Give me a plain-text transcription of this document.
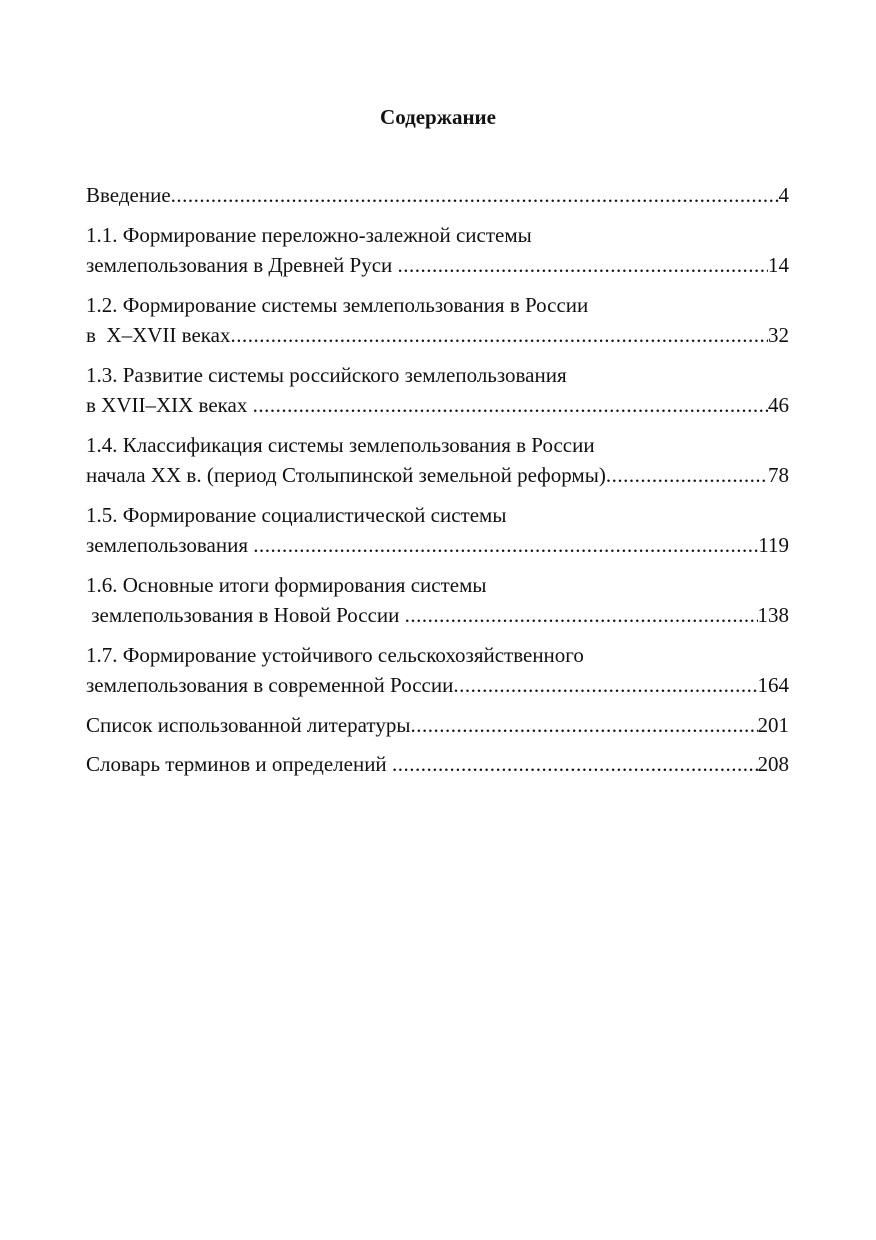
Содержание
Введение .....	4
1.1. Формирование переложно-залежной системы
землепользования в Древней Руси .....	14
1.2. Формирование системы землепользования в России
в  X–XVII веках .....	32
1.3. Развитие системы российского землепользования
в XVII–XIX веках .....	46
1.4. Классификация системы землепользования в России
начала ХХ в. (период Столыпинской земельной реформы) .....	78
1.5. Формирование социалистической системы
землепользования .....	119
1.6. Основные итоги формирования системы
землепользования в Новой России .....	138
1.7. Формирование устойчивого сельскохозяйственного
землепользования в современной России .....	164
Список использованной литературы .....	201
Словарь терминов и определений .....	208
